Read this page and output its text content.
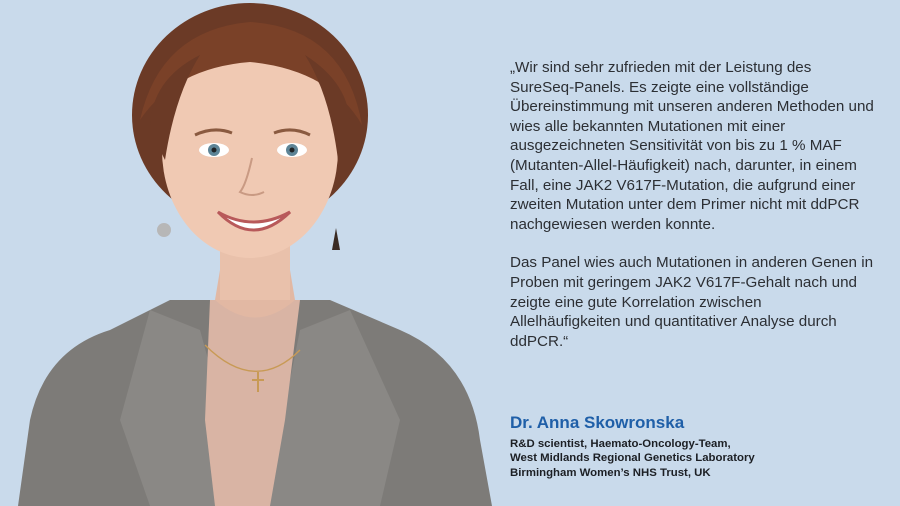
„Wir sind sehr zufrieden mit der Leistung des SureSeq-Panels. Es zeigte eine vollständige Übereinstimmung mit unseren anderen Methoden und wies alle bekannten Mutationen mit einer ausgezeichneten Sensitivität von bis zu 1 % MAF (Mutanten-Allel-Häufigkeit) nach, darunter, in einem Fall, eine JAK2 V617F-Mutation, die aufgrund einer zweiten Mutation unter dem Primer nicht mit ddPCR nachgewiesen werden konnte.

Das Panel wies auch Mutationen in anderen Genen in Proben mit geringem JAK2 V617F-Gehalt nach und zeigte eine gute Korrelation zwischen Allelhäufigkeiten und quantitativer Analyse durch ddPCR.“

Dr. Anna Skowronska
R&D scientist, Haemato-Oncology-Team,
West Midlands Regional Genetics Laboratory
Birmingham Women’s NHS Trust, UK
